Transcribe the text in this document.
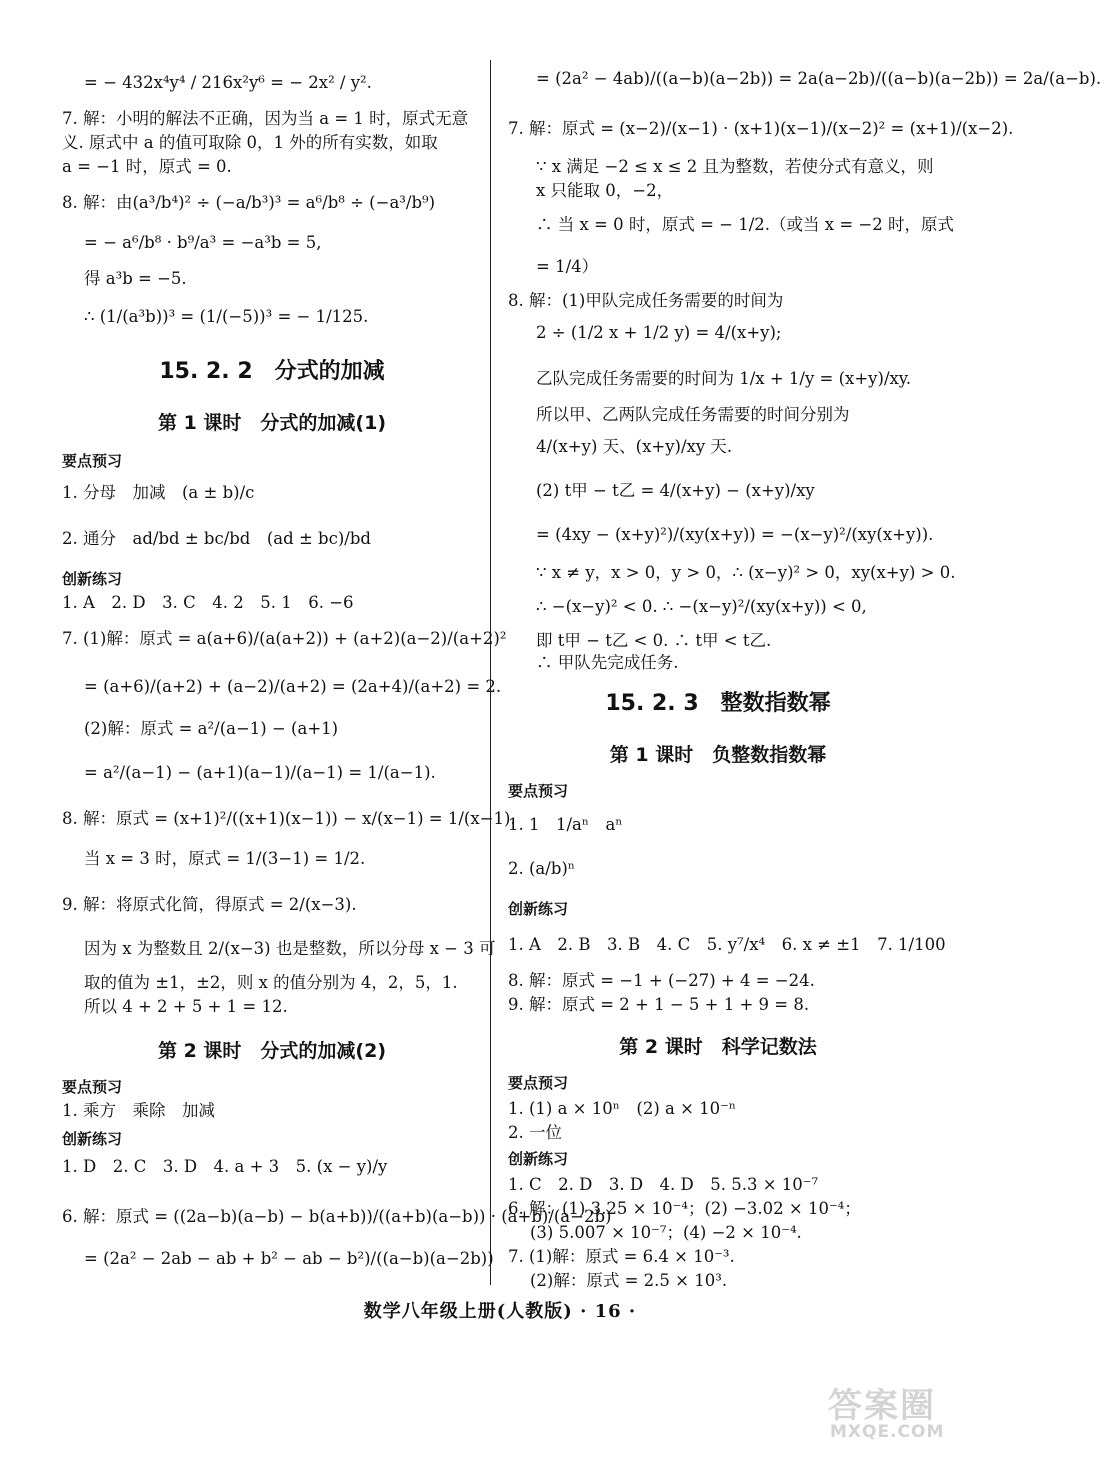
= − 432x⁴y⁴ / 216x²y⁶ = − 2x² / y².
7. 解：小明的解法不正确，因为当 a = 1 时，原式无意
义. 原式中 a 的值可取除 0，1 外的所有实数，如取
a = −1 时，原式 = 0.
8. 解：由(a³/b⁴)² ÷ (−a/b³)³ = a⁶/b⁸ ÷ (−a³/b⁹)
= − a⁶/b⁸ · b⁹/a³ = −a³b = 5,
得 a³b = −5.
∴ (1/(a³b))³ = (1/(−5))³ = − 1/125.
15. 2. 2　分式的加减
第 1 课时　分式的加减(1)
要点预习
1. 分母　加减　(a ± b)/c
2. 通分　ad/bd ± bc/bd　(ad ± bc)/bd
创新练习
1. A　2. D　3. C　4. 2　5. 1　6. −6
7. (1)解：原式 = a(a+6)/(a(a+2)) + (a+2)(a−2)/(a+2)²
= (a+6)/(a+2) + (a−2)/(a+2) = (2a+4)/(a+2) = 2.
(2)解：原式 = a²/(a−1) − (a+1)
= a²/(a−1) − (a+1)(a−1)/(a−1) = 1/(a−1).
8. 解：原式 = (x+1)²/((x+1)(x−1)) − x/(x−1) = 1/(x−1).
当 x = 3 时，原式 = 1/(3−1) = 1/2.
9. 解：将原式化简，得原式 = 2/(x−3).
因为 x 为整数且 2/(x−3) 也是整数，所以分母 x − 3 可
取的值为 ±1，±2，则 x 的值分别为 4，2，5，1.
所以 4 + 2 + 5 + 1 = 12.
第 2 课时　分式的加减(2)
要点预习
1. 乘方　乘除　加减
创新练习
1. D　2. C　3. D　4. a + 3　5. (x − y)/y
6. 解：原式 = ((2a−b)(a−b) − b(a+b))/((a+b)(a−b)) · (a+b)/(a−2b)
= (2a² − 2ab − ab + b² − ab − b²)/((a−b)(a−2b))
= (2a² − 4ab)/((a−b)(a−2b)) = 2a(a−2b)/((a−b)(a−2b)) = 2a/(a−b).
7. 解：原式 = (x−2)/(x−1) · (x+1)(x−1)/(x−2)² = (x+1)/(x−2).
∵ x 满足 −2 ≤ x ≤ 2 且为整数，若使分式有意义，则
x 只能取 0，−2，
∴ 当 x = 0 时，原式 = − 1/2.（或当 x = −2 时，原式
= 1/4）
8. 解：(1)甲队完成任务需要的时间为
2 ÷ (1/2 x + 1/2 y) = 4/(x+y);
乙队完成任务需要的时间为 1/x + 1/y = (x+y)/xy.
所以甲、乙两队完成任务需要的时间分别为
4/(x+y) 天、(x+y)/xy 天.
(2) t甲 − t乙 = 4/(x+y) − (x+y)/xy
= (4xy − (x+y)²)/(xy(x+y)) = −(x−y)²/(xy(x+y)).
∵ x ≠ y，x > 0，y > 0，∴ (x−y)² > 0，xy(x+y) > 0.
∴ −(x−y)² < 0. ∴ −(x−y)²/(xy(x+y)) < 0,
即 t甲 − t乙 < 0. ∴ t甲 < t乙.
∴ 甲队先完成任务.
15. 2. 3　整数指数幂
第 1 课时　负整数指数幂
要点预习
1. 1　1/aⁿ　aⁿ
2. (a/b)ⁿ
创新练习
1. A　2. B　3. B　4. C　5. y⁷/x⁴　6. x ≠ ±1　7. 1/100
8. 解：原式 = −1 + (−27) + 4 = −24.
9. 解：原式 = 2 + 1 − 5 + 1 + 9 = 8.
第 2 课时　科学记数法
要点预习
1. (1) a × 10ⁿ　(2) a × 10⁻ⁿ
2. 一位
创新练习
1. C　2. D　3. D　4. D　5. 5.3 × 10⁻⁷
6. 解：(1) 3.25 × 10⁻⁴；(2) −3.02 × 10⁻⁴；
(3) 5.007 × 10⁻⁷；(4) −2 × 10⁻⁴.
7. (1)解：原式 = 6.4 × 10⁻³.
(2)解：原式 = 2.5 × 10³.
数学八年级上册(人教版) · 16 ·
答案圈
MXQE.COM
